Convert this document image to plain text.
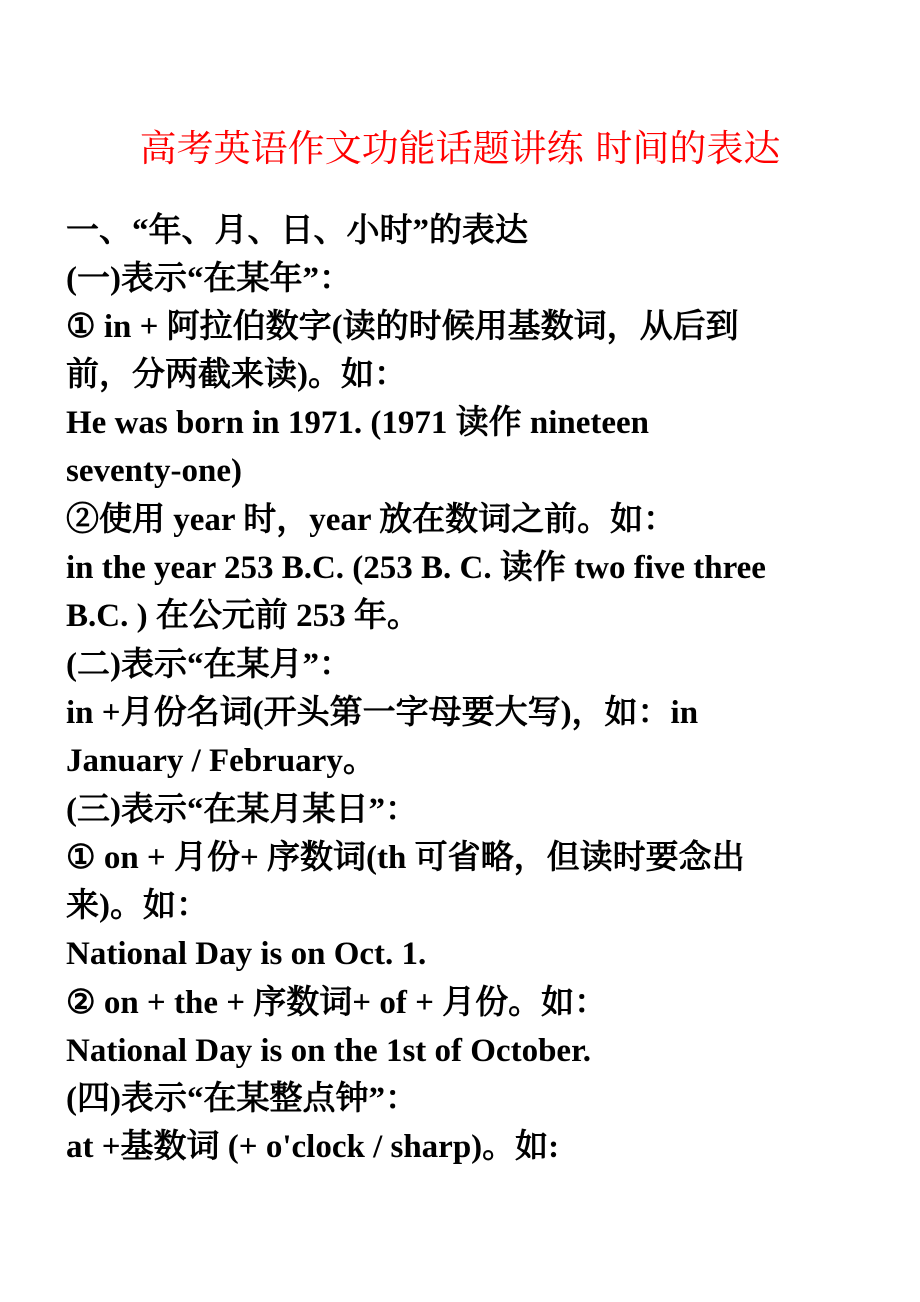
高考英语作文功能话题讲练 时间的表达
一、“年、月、日、小时”的表达
(一)表示“在某年”：
① in + 阿拉伯数字(读的时候用基数词，从后到
前，分两截来读)。如：
He was born in 1971. (1971 读作 nineteen
seventy-one)
②使用 year 时，year 放在数词之前。如：
in the year 253 B.C. (253 B. C. 读作 two five three
B.C. ) 在公元前 253 年。
(二)表示“在某月”：
in +月份名词(开头第一字母要大写)，如：in
January / February。
(三)表示“在某月某日”：
① on + 月份+ 序数词(th 可省略，但读时要念出
来)。如：
National Day is on Oct. 1.
② on + the + 序数词+ of + 月份。如：
National Day is on the 1st of October.
(四)表示“在某整点钟”：
at +基数词 (+ o'clock / sharp)。如:
